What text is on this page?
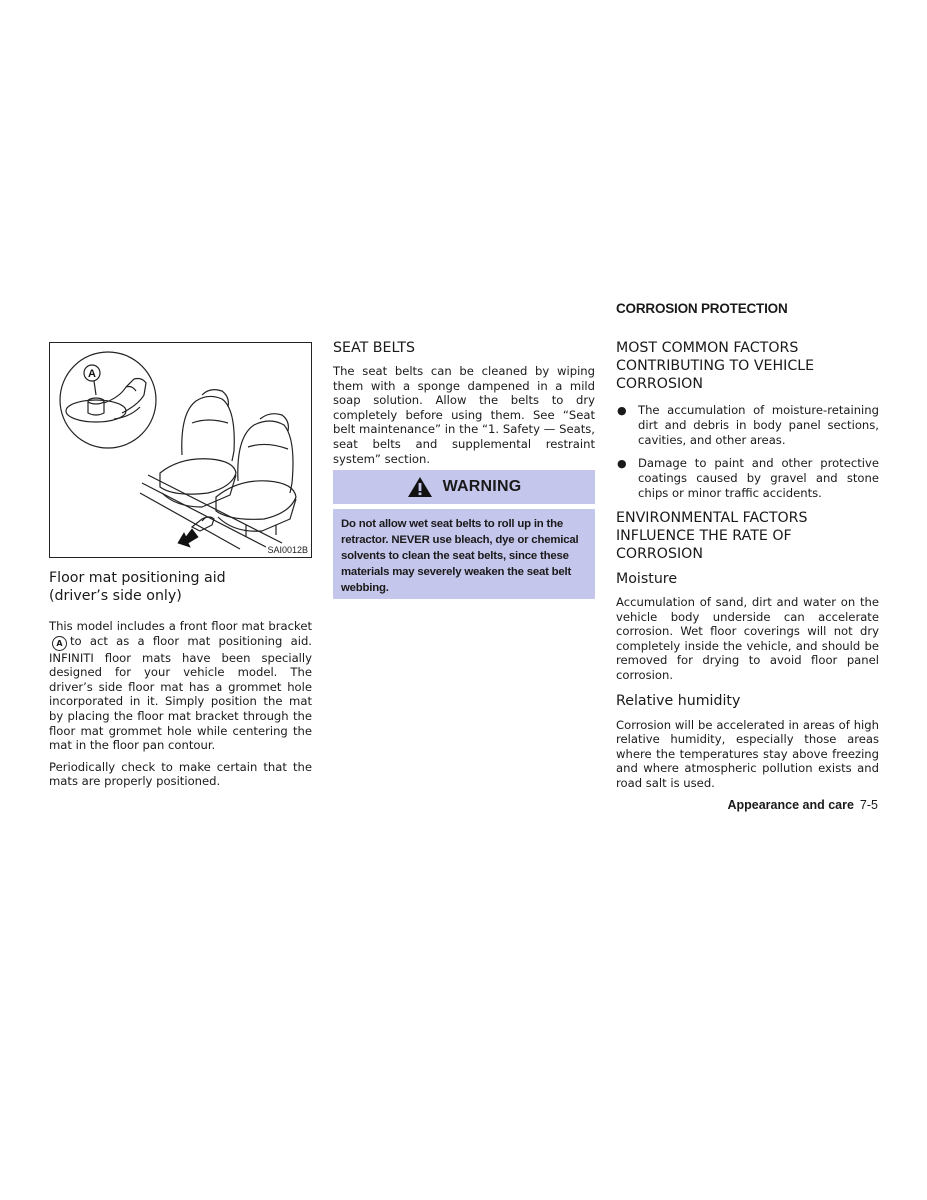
CORROSION PROTECTION
A
SAI0012B
Floor mat positioning aid
(driver’s side only)

This model includes a front floor mat bracketA to act as a floor mat positioning aid. INFINITI floor mats have been specially designed for your vehicle model. The driver’s side floor mat has a grommet hole incorporated in it. Simply position the mat by placing the floor mat bracket through the floor mat grommet hole while centering the mat in the floor pan contour.

Periodically check to make certain that the mats are properly positioned.

SEAT BELTS

The seat belts can be cleaned by wiping them with a sponge dampened in a mild soap solution. Allow the belts to dry completely before using them. See “Seat belt maintenance” in the “1. Safety — Seats, seat belts and supplemental restraint system” section.

WARNING

Do not allow wet seat belts to roll up in the retractor. NEVER use bleach, dye or chemical solvents to clean the seat belts, since these materials may severely weaken the seat belt webbing.

MOST COMMON FACTORS
CONTRIBUTING TO VEHICLE
CORROSION
● The accumulation of moisture-retaining dirt and debris in body panel sections, cavities, and other areas.
● Damage to paint and other protective coatings caused by gravel and stone chips or minor traffic accidents.
ENVIRONMENTAL FACTORS
INFLUENCE THE RATE OF
CORROSION
Moisture

Accumulation of sand, dirt and water on the vehicle body underside can accelerate corrosion. Wet floor coverings will not dry completely inside the vehicle, and should be removed for drying to avoid floor panel corrosion.

Relative humidity

Corrosion will be accelerated in areas of high relative humidity, especially those areas where the temperatures stay above freezing and where atmospheric pollution exists and road salt is used.

Appearance and care 7-5
